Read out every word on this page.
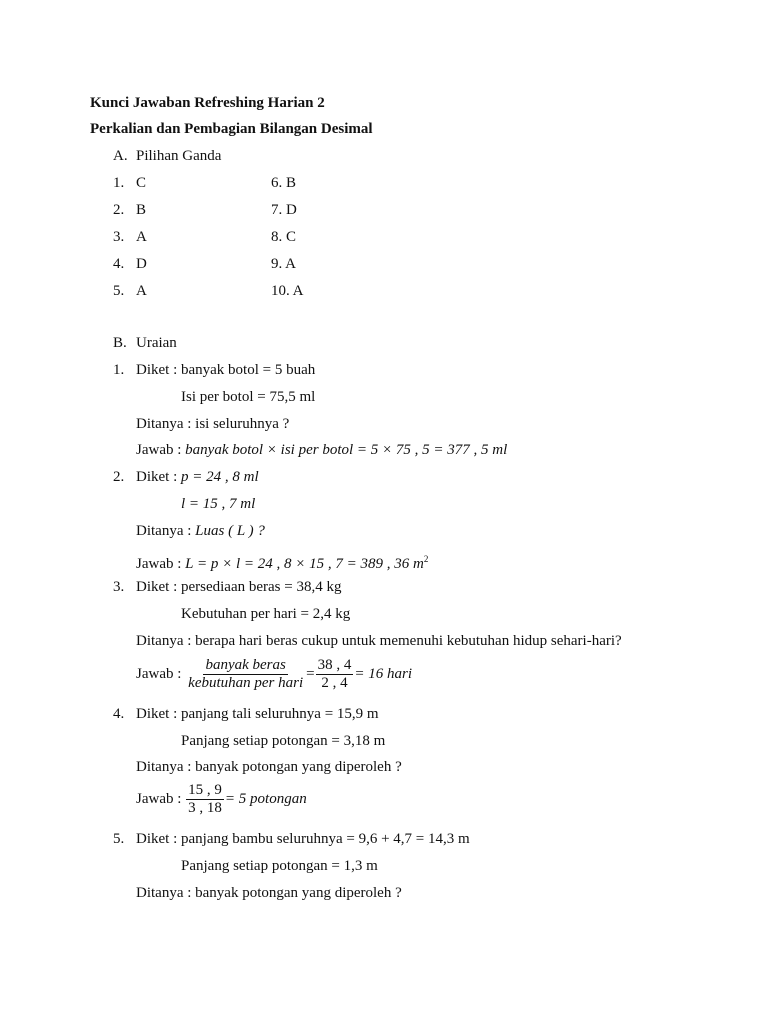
Kunci Jawaban Refreshing Harian 2
Perkalian dan Pembagian Bilangan Desimal
A. Pilihan Ganda
1. C	6. B
2. B	7. D
3. A	8. C
4. D	9. A
5. A	10. A
B. Uraian
1. Diket : banyak botol = 5 buah
Isi per botol = 75,5 ml
Ditanya : isi seluruhnya ?
Jawab : banyak botol × isi per botol = 5 × 75 , 5 = 377 , 5 ml
2. Diket : p = 24 , 8 ml
l = 15 , 7 ml
Ditanya : Luas ( L ) ?
Jawab : L = p × l = 24 , 8 × 15 , 7 = 389 , 36 $m^2$
3. Diket : persediaan beras = 38,4 kg
Kebutuhan per hari = 2,4 kg
Ditanya : berapa hari beras cukup untuk memenuhi kebutuhan hidup sehari-hari?
Jawab : $\frac{\text{banyak beras}}{\text{kebutuhan per hari}} = \frac{38 , 4}{2 , 4} = 16$ hari
4. Diket : panjang tali seluruhnya = 15,9 m
Panjang setiap potongan = 3,18 m
Ditanya : banyak potongan yang diperoleh ?
Jawab : $\frac{15 , 9}{3 , 18} = 5$ potongan
5. Diket : panjang bambu seluruhnya = 9,6 + 4,7 = 14,3 m
Panjang setiap potongan = 1,3 m
Ditanya : banyak potongan yang diperoleh ?
